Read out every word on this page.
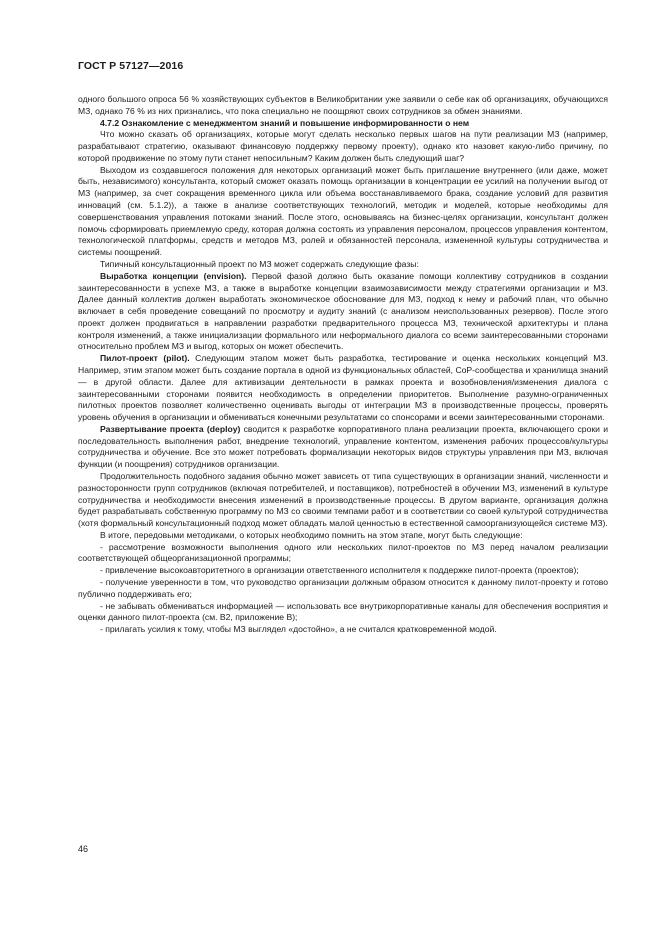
ГОСТ Р 57127—2016

одного большого опроса 56 % хозяйствующих субъектов в Великобритании уже заявили о себе как об организациях, обучающихся МЗ, однако 76 % из них признались, что пока специально не поощряют своих сотрудников за обмен знаниями.

4.7.2 Ознакомление с менеджментом знаний и повышение информированности о нем

Что можно сказать об организациях, которые могут сделать несколько первых шагов на пути реализации МЗ (например, разрабатывают стратегию, оказывают финансовую поддержку первому проекту), однако кто назовет какую-либо причину, по которой продвижение по этому пути станет непосильным? Каким должен быть следующий шаг?

Выходом из создавшегося положения для некоторых организаций может быть приглашение внутреннего (или даже, может быть, независимого) консультанта, который сможет оказать помощь организации в концентрации ее усилий на получении выгод от МЗ (например, за счет сокращения временного цикла или объема восстанавливаемого брака, создание условий для развития инноваций (см. 5.1.2)), а также в анализе соответствующих технологий, методик и моделей, которые необходимы для совершенствования управления потоками знаний. После этого, основываясь на бизнес-целях организации, консультант должен помочь сформировать приемлемую среду, которая должна состоять из управления персоналом, процессов управления контентом, технологической платформы, средств и методов МЗ, ролей и обязанностей персонала, измененной культуры сотрудничества и системы поощрений.

Типичный консультационный проект по МЗ может содержать следующие фазы:

Выработка концепции (envision). Первой фазой должно быть оказание помощи коллективу сотрудников в создании заинтересованности в успехе МЗ, а также в выработке концепции взаимозависимости между стратегиями организации и МЗ. Далее данный коллектив должен выработать экономическое обоснование для МЗ, подход к нему и рабочий план, что обычно включает в себя проведение совещаний по просмотру и аудиту знаний (с анализом неиспользованных резервов). После этого проект должен продвигаться в направлении разработки предварительного процесса МЗ, технической архитектуры и плана контроля изменений, а также инициализации формального или неформального диалога со всеми заинтересованными сторонами относительно проблем МЗ и выгод, которых он может обеспечить.

Пилот-проект (pilot). Следующим этапом может быть разработка, тестирование и оценка нескольких концепций МЗ. Например, этим этапом может быть создание портала в одной из функциональных областей, CoP-сообщества и хранилища знаний — в другой области. Далее для активизации деятельности в рамках проекта и возобновления/изменения диалога с заинтересованными сторонами появится необходимость в определении приоритетов. Выполнение разумно-ограниченных пилотных проектов позволяет количественно оценивать выгоды от интеграции МЗ в производственные процессы, проверять уровень обучения в организации и обмениваться конечными результатами со спонсорами и всеми заинтересованными сторонами.

Развертывание проекта (deploy) сводится к разработке корпоративного плана реализации проекта, включающего сроки и последовательность выполнения работ, внедрение технологий, управление контентом, изменения рабочих процессов/культуры сотрудничества и обучение. Все это может потребовать формализации некоторых видов структуры управления при МЗ, включая функции (и поощрения) сотрудников организации.

Продолжительность подобного задания обычно может зависеть от типа существующих в организации знаний, численности и разносторонности групп сотрудников (включая потребителей, и поставщиков), потребностей в обучении МЗ, изменений в культуре сотрудничества и необходимости внесения изменений в производственные процессы. В другом варианте, организация должна будет разрабатывать собственную программу по МЗ со своими темпами работ и в соответствии со своей культурой сотрудничества (хотя формальный консультационный подход может обладать малой ценностью в естественной самоорганизующейся системе МЗ).

В итоге, передовыми методиками, о которых необходимо помнить на этом этапе, могут быть следующие:

- рассмотрение возможности выполнения одного или нескольких пилот-проектов по МЗ перед началом реализации соответствующей общеорганизационной программы;

- привлечение высокоавторитетного в организации ответственного исполнителя к поддержке пилот-проекта (проектов);

- получение уверенности в том, что руководство организации должным образом относится к данному пилот-проекту и готово публично поддерживать его;

- не забывать обмениваться информацией — использовать все внутрикорпоративные каналы для обеспечения восприятия и оценки данного пилот-проекта (см. В2, приложение В);

- прилагать усилия к тому, чтобы МЗ выглядел «достойно», а не считался кратковременной модой.

46
